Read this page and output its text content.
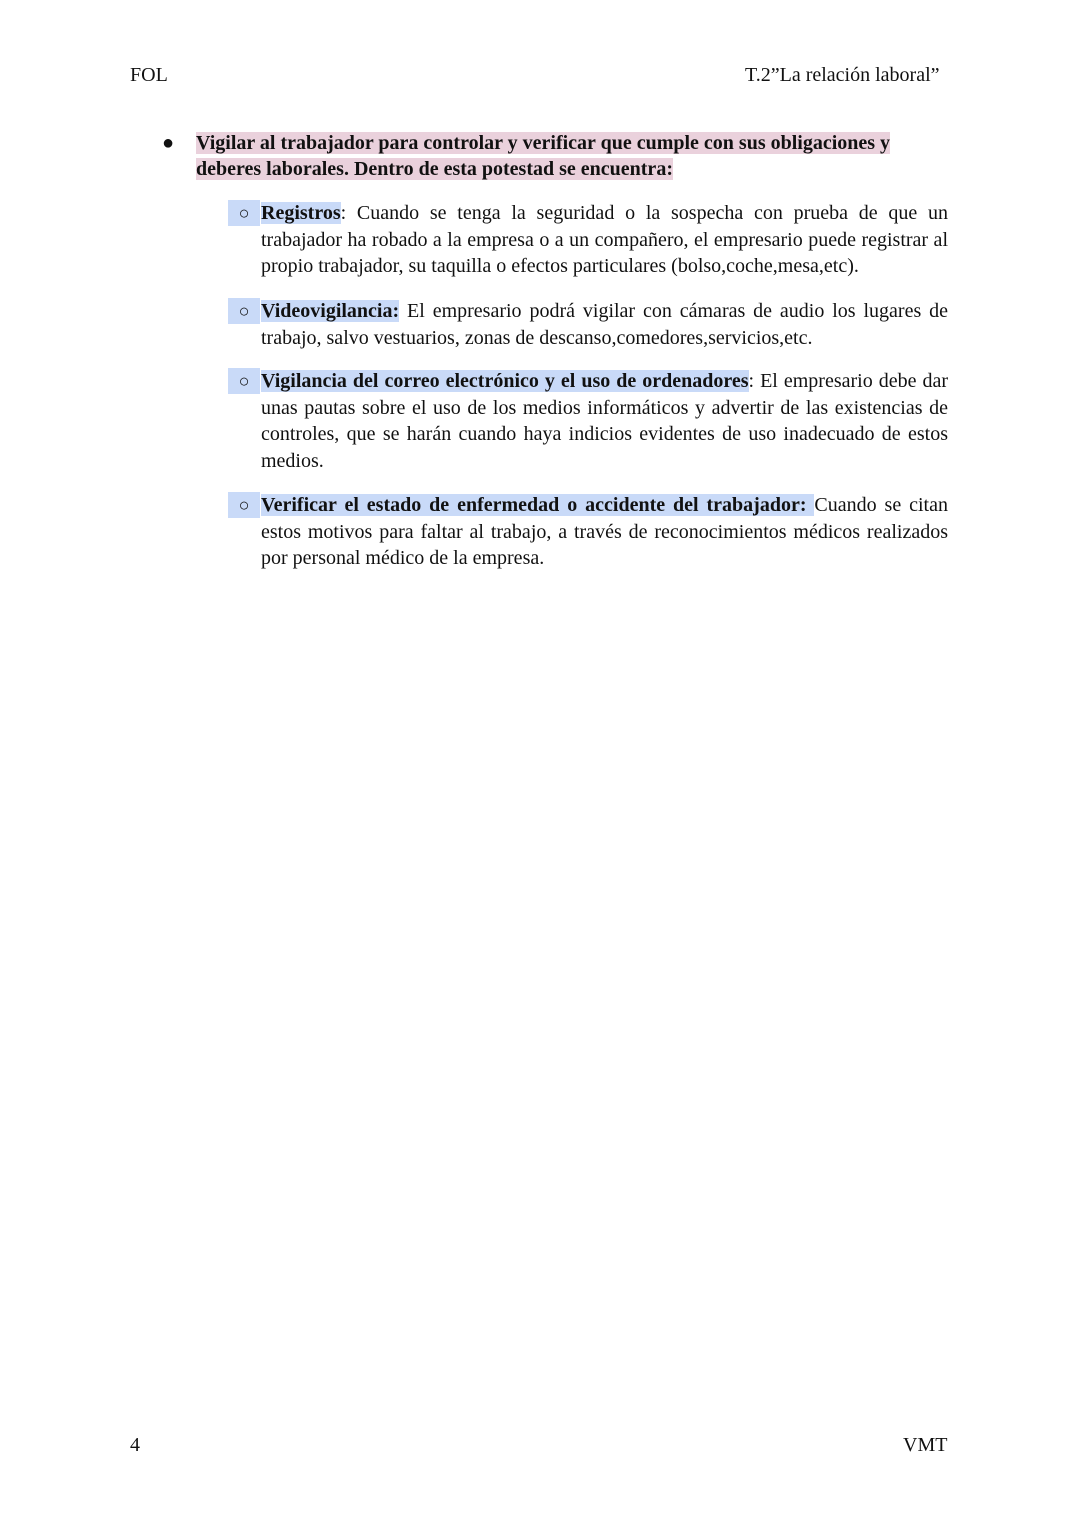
FOL	T.2”La relación laboral”
● Vigilar al trabajador para controlar y verificar que cumple con sus obligaciones y deberes laborales. Dentro de esta potestad se encuentra:
○ Registros: Cuando se tenga la seguridad o la sospecha con prueba de que un trabajador ha robado a la empresa o a un compañero, el empresario puede registrar al propio trabajador, su taquilla o efectos particulares (bolso,coche,mesa,etc).
○ Videovigilancia: El empresario podrá vigilar con cámaras de audio los lugares de trabajo, salvo vestuarios, zonas de descanso,comedores,servicios,etc.
○ Vigilancia del correo electrónico y el uso de ordenadores: El empresario debe dar unas pautas sobre el uso de los medios informáticos y advertir de las existencias de controles, que se harán cuando haya indicios evidentes de uso inadecuado de estos medios.
○ Verificar el estado de enfermedad o accidente del trabajador: Cuando se citan estos motivos para faltar al trabajo, a través de reconocimientos médicos realizados por personal médico de la empresa.
4	VMT
